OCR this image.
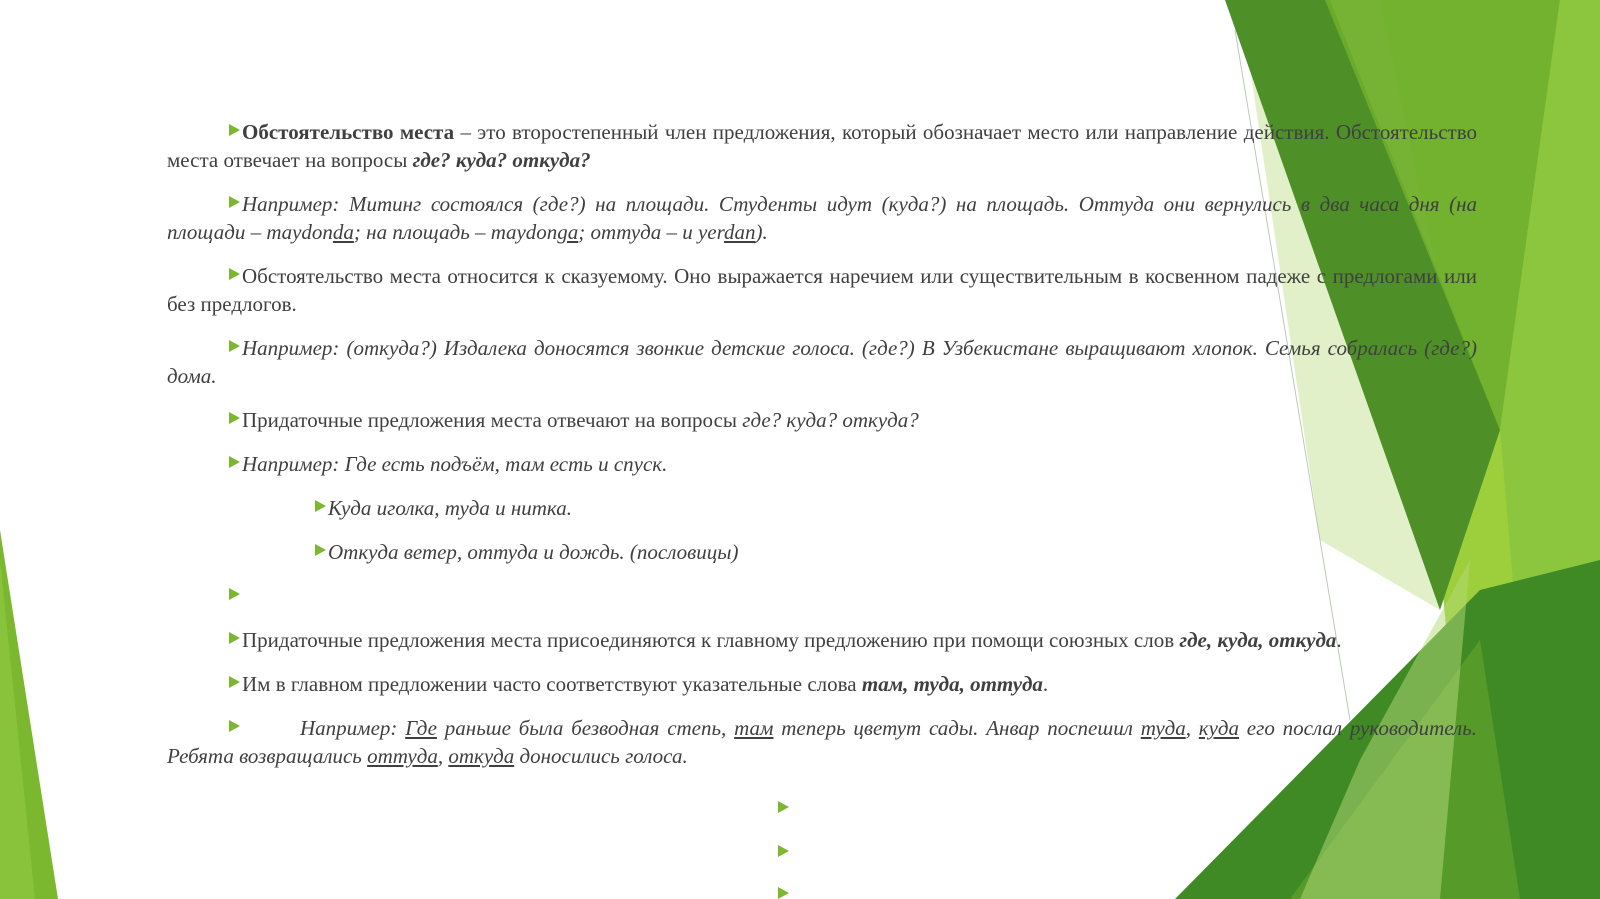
Обстоятельство места – это второстепенный член предложения, который обозначает место или направление действия. Обстоятельство места отвечает на вопросы где? куда? откуда?

Например: Митинг состоялся (где?) на площади. Студенты идут (куда?) на площадь. Оттуда они вернулись в два часа дня (на площади – maydonda; на площадь – maydonga; оттуда – и yerdan).

Обстоятельство места относится к сказуемому. Оно выражается наречием или существительным в косвенном падеже с предлогами или без предлогов.

Например: (откуда?) Издалека доносятся звонкие детские голоса. (где?) В Узбекистане выращивают хлопок. Семья собралась (где?) дома.

Придаточные предложения места отвечают на вопросы где? куда? откуда?

Например: Где есть подъём, там есть и спуск.

Куда иголка, туда и нитка.

Откуда ветер, оттуда и дождь. (пословицы)

Придаточные предложения места присоединяются к главному предложению при помощи союзных слов где, куда, откуда.

Им в главном предложении часто соответствуют указательные слова там, туда, оттуда.

Например: Где раньше была безводная степь, там теперь цветут сады. Анвар поспешил туда, куда его послал руководитель. Ребята возвращались оттуда, откуда доносились голоса.
